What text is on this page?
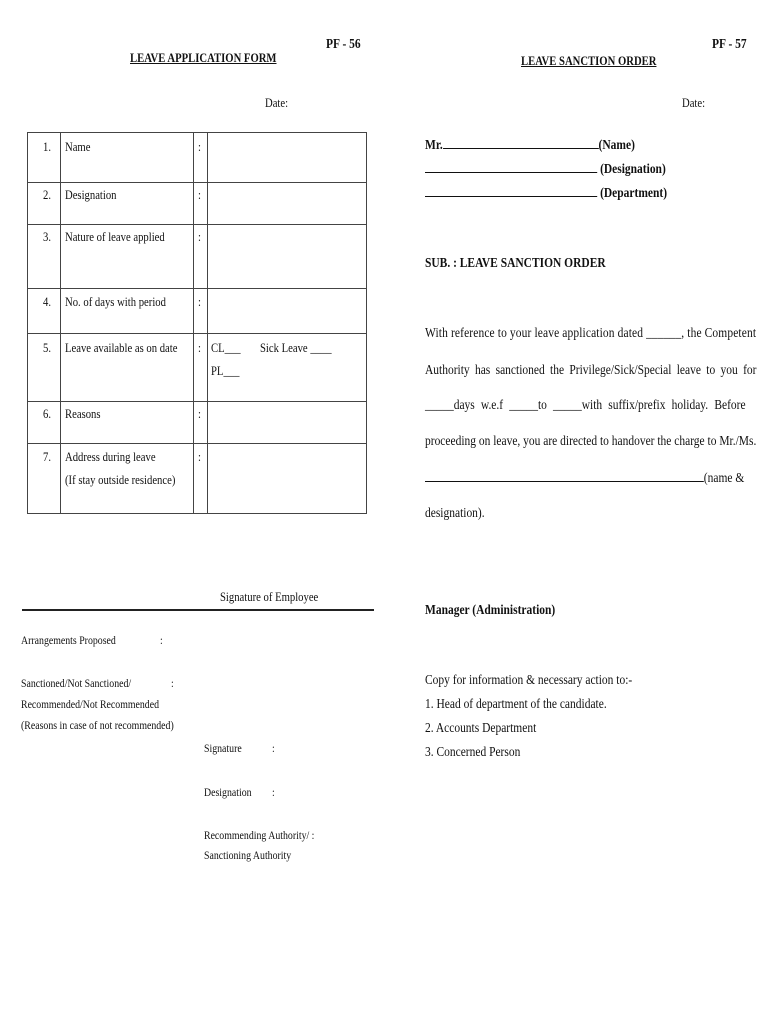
PF - 56
LEAVE APPLICATION FORM
Date:
1. Name	:
2. Designation	:
3. Nature of leave applied	:
4. No. of days with period :
5. Leave available as on date : CL___ Sick Leave ____
PL___
6. Reasons	:
7. Address during leave
(If stay outside residence)
:
Signature of Employee
Arrangements Proposed	:
Sanctioned/Not Sanctioned/	:
Recommended/Not Recommended
(Reasons in case of not recommended)
Signature	:
Designation :
Recommending Authority/ :
Sanctioning Authority
PF - 57
LEAVE SANCTION ORDER
Date:
Mr.	(Name)
(Designation)
(Department)
SUB. : LEAVE SANCTION ORDER
With reference to your leave application dated ______, the Competent
Authority has sanctioned the Privilege/Sick/Special leave to you for
_____days w.e.f _____to _____with suffix/prefix holiday. Before
proceeding on leave, you are directed to handover the charge to Mr./Ms.
(name &
designation).
Manager (Administration)
Copy for information & necessary action to:-
1. Head of department of the candidate.
2. Accounts Department
3. Concerned Person
